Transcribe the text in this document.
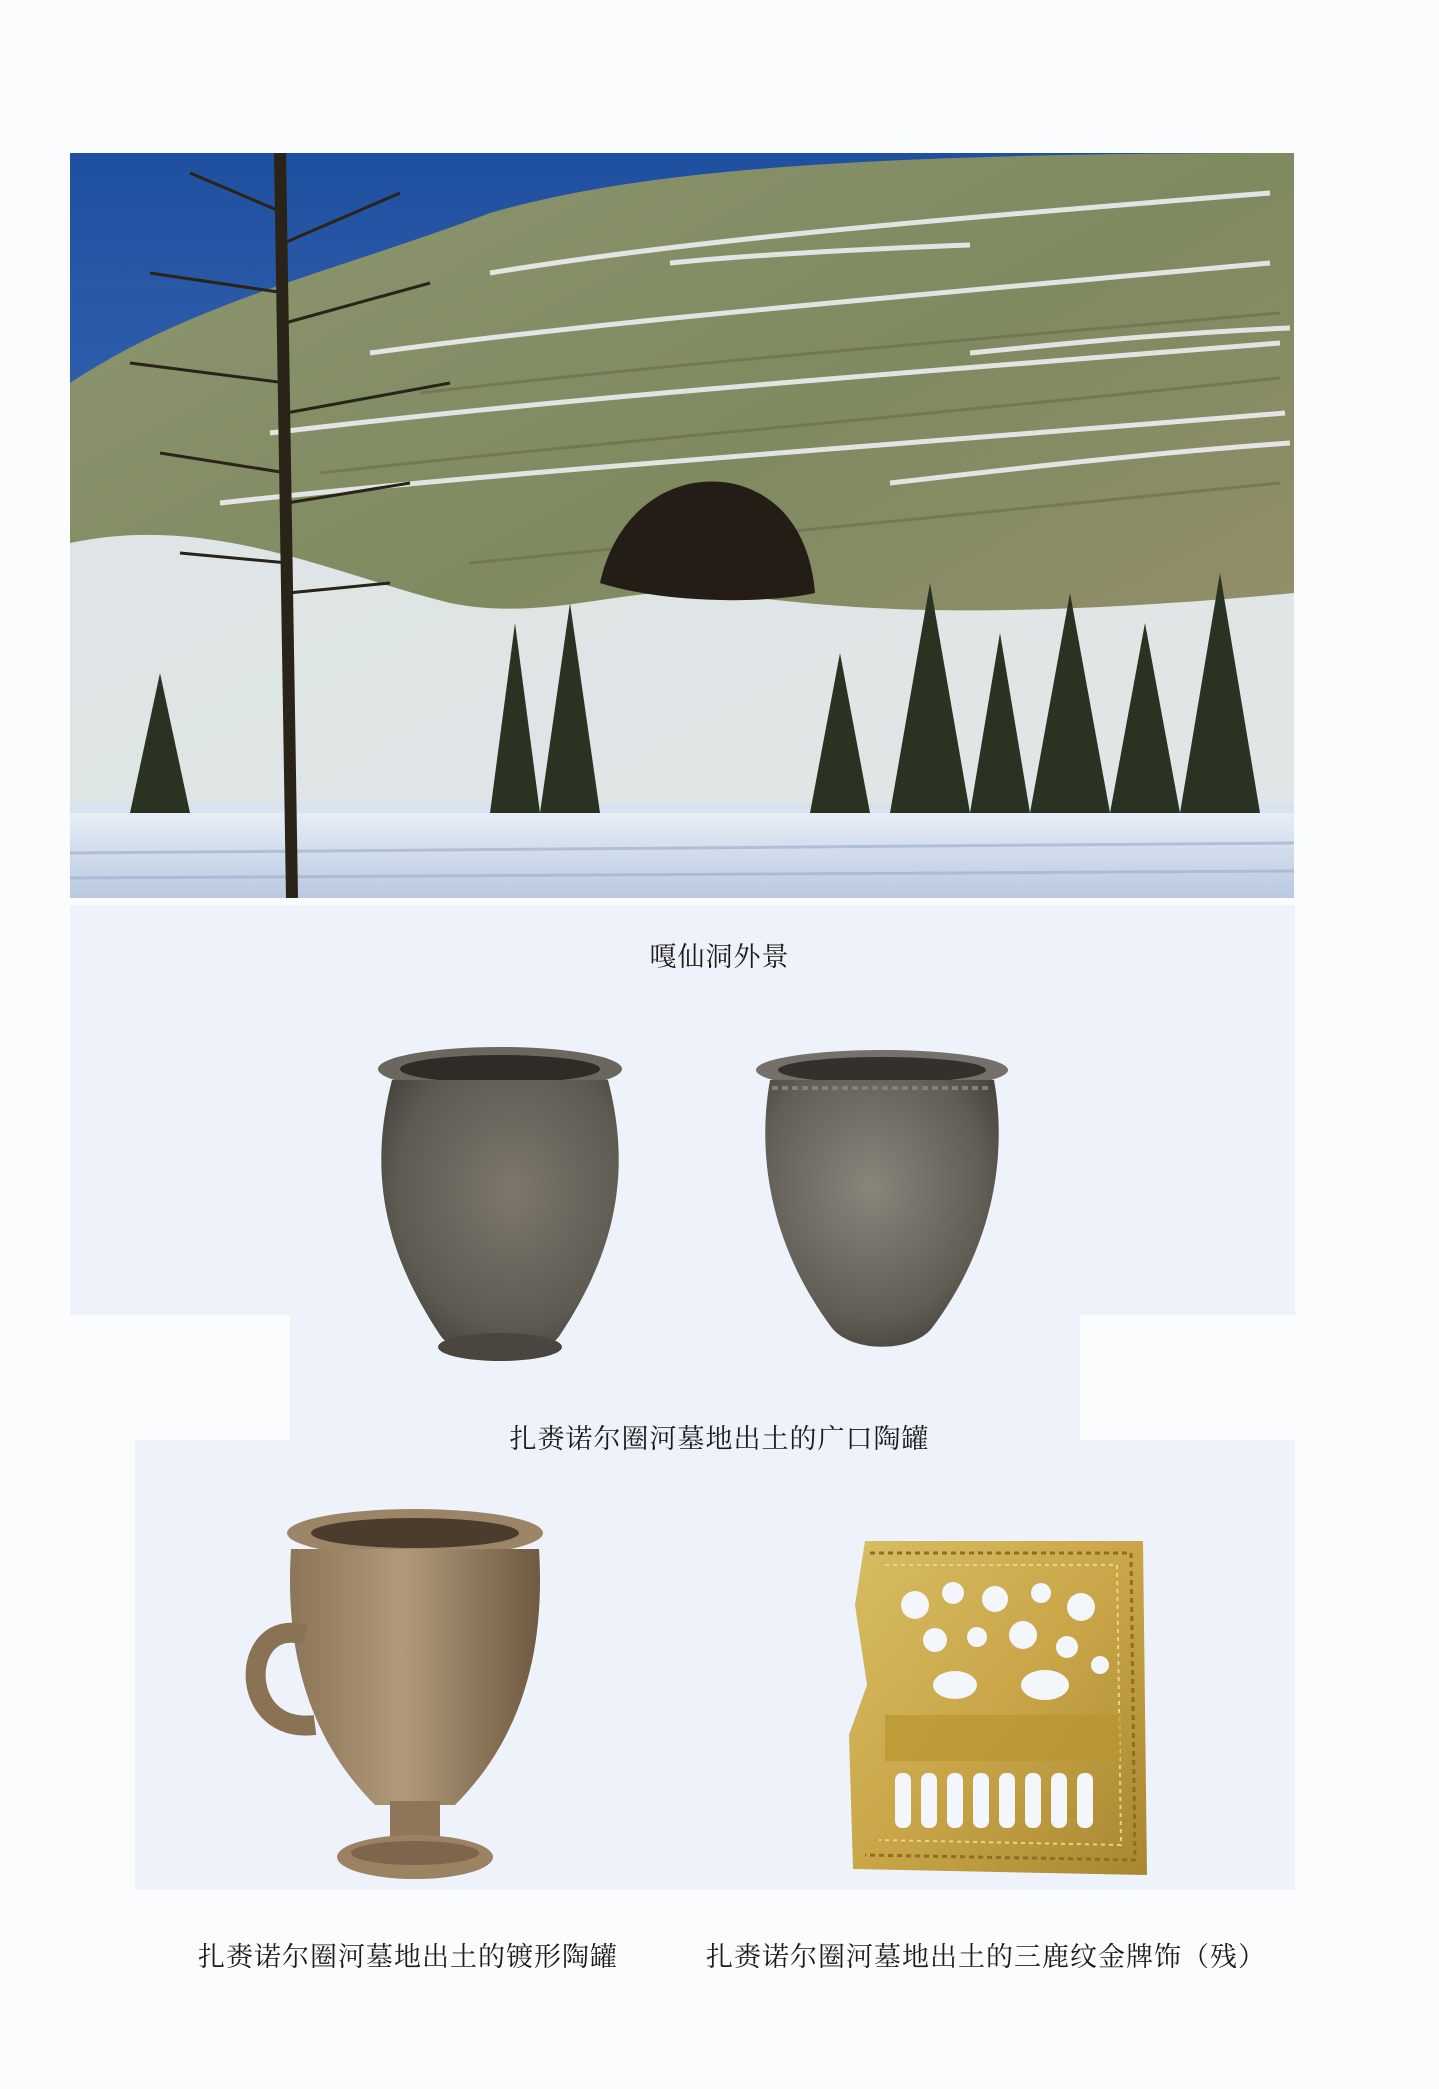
嘎仙洞外景
扎赉诺尔圈河墓地出土的广口陶罐
扎赉诺尔圈河墓地出土的镀形陶罐	扎赉诺尔圈河墓地出土的三鹿纹金牌饰（残）
